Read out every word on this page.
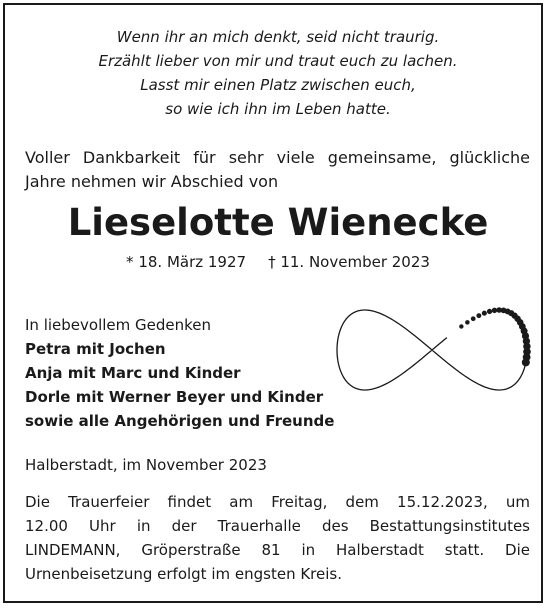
Wenn ihr an mich denkt, seid nicht traurig.
Erzählt lieber von mir und traut euch zu lachen.
Lasst mir einen Platz zwischen euch,
so wie ich ihn im Leben hatte.
Voller Dankbarkeit für sehr viele gemeinsame, glückliche
Jahre nehmen wir Abschied von
Lieselotte Wienecke
* 18. März 1927 † 11. November 2023
In liebevollem Gedenken
Petra mit Jochen
Anja mit Marc und Kinder
Dorle mit Werner Beyer und Kinder
sowie alle Angehörigen und Freunde
Halberstadt, im November 2023
Die Trauerfeier findet am Freitag, dem 15.12.2023, um
12.00 Uhr in der Trauerhalle des Bestattungsinstitutes
LINDEMANN, Gröperstraße 81 in Halberstadt statt. Die
Urnenbeisetzung erfolgt im engsten Kreis.
